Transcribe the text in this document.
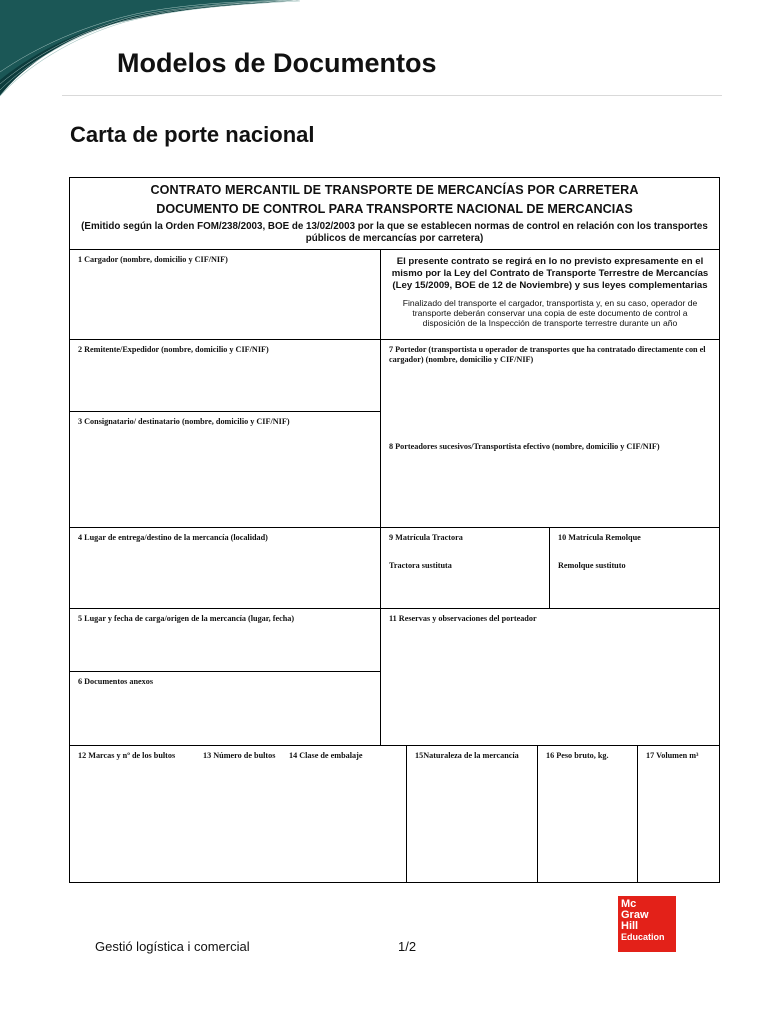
Modelos de Documentos
Carta de porte nacional
CONTRATO MERCANTIL DE TRANSPORTE DE MERCANCÍAS POR CARRETERA
DOCUMENTO DE CONTROL PARA TRANSPORTE NACIONAL DE MERCANCIAS
(Emitido según la Orden FOM/238/2003, BOE de 13/02/2003 por la que se establecen normas de control en relación con los transportes públicos de mercancías por carretera)
1 Cargador (nombre, domicilio y CIF/NIF)	El presente contrato se regirá en lo no previsto expresamente en el mismo por la Ley del Contrato de Transporte Terrestre de Mercancías (Ley 15/2009, BOE de 12 de Noviembre) y sus leyes complementarias
Finalizado del transporte el cargador, transportista y, en su caso, operador de transporte deberán conservar una copia de este documento de control a disposición de la Inspección de transporte terrestre durante un año
2 Remitente/Expedidor (nombre, domicilio y CIF/NIF)
3 Consignatario/ destinatario (nombre, domicilio y CIF/NIF)
7 Portedor (transportista u operador de transportes que ha contratado directamente con el cargador) (nombre, domicilio y CIF/NIF)
8 Porteadores sucesivos/Transportista efectivo (nombre, domicilio y CIF/NIF)
4 Lugar de entrega/destino de la mercancía (localidad)	9 Matrícula Tractora
Tractora sustituta
10 Matrícula Remolque
Remolque sustituto
5 Lugar y fecha de carga/origen de la mercancía (lugar, fecha)
6 Documentos anexos
11 Reservas y observaciones del porteador
12 Marcas y nº de los bultos	13 Número de bultos	14 Clase de embalaje	15Naturaleza de la mercancía	16 Peso bruto, kg.	17 Volumen m³
Gestió logística i comercial	1/2
Mc
Graw
Hill
Education
